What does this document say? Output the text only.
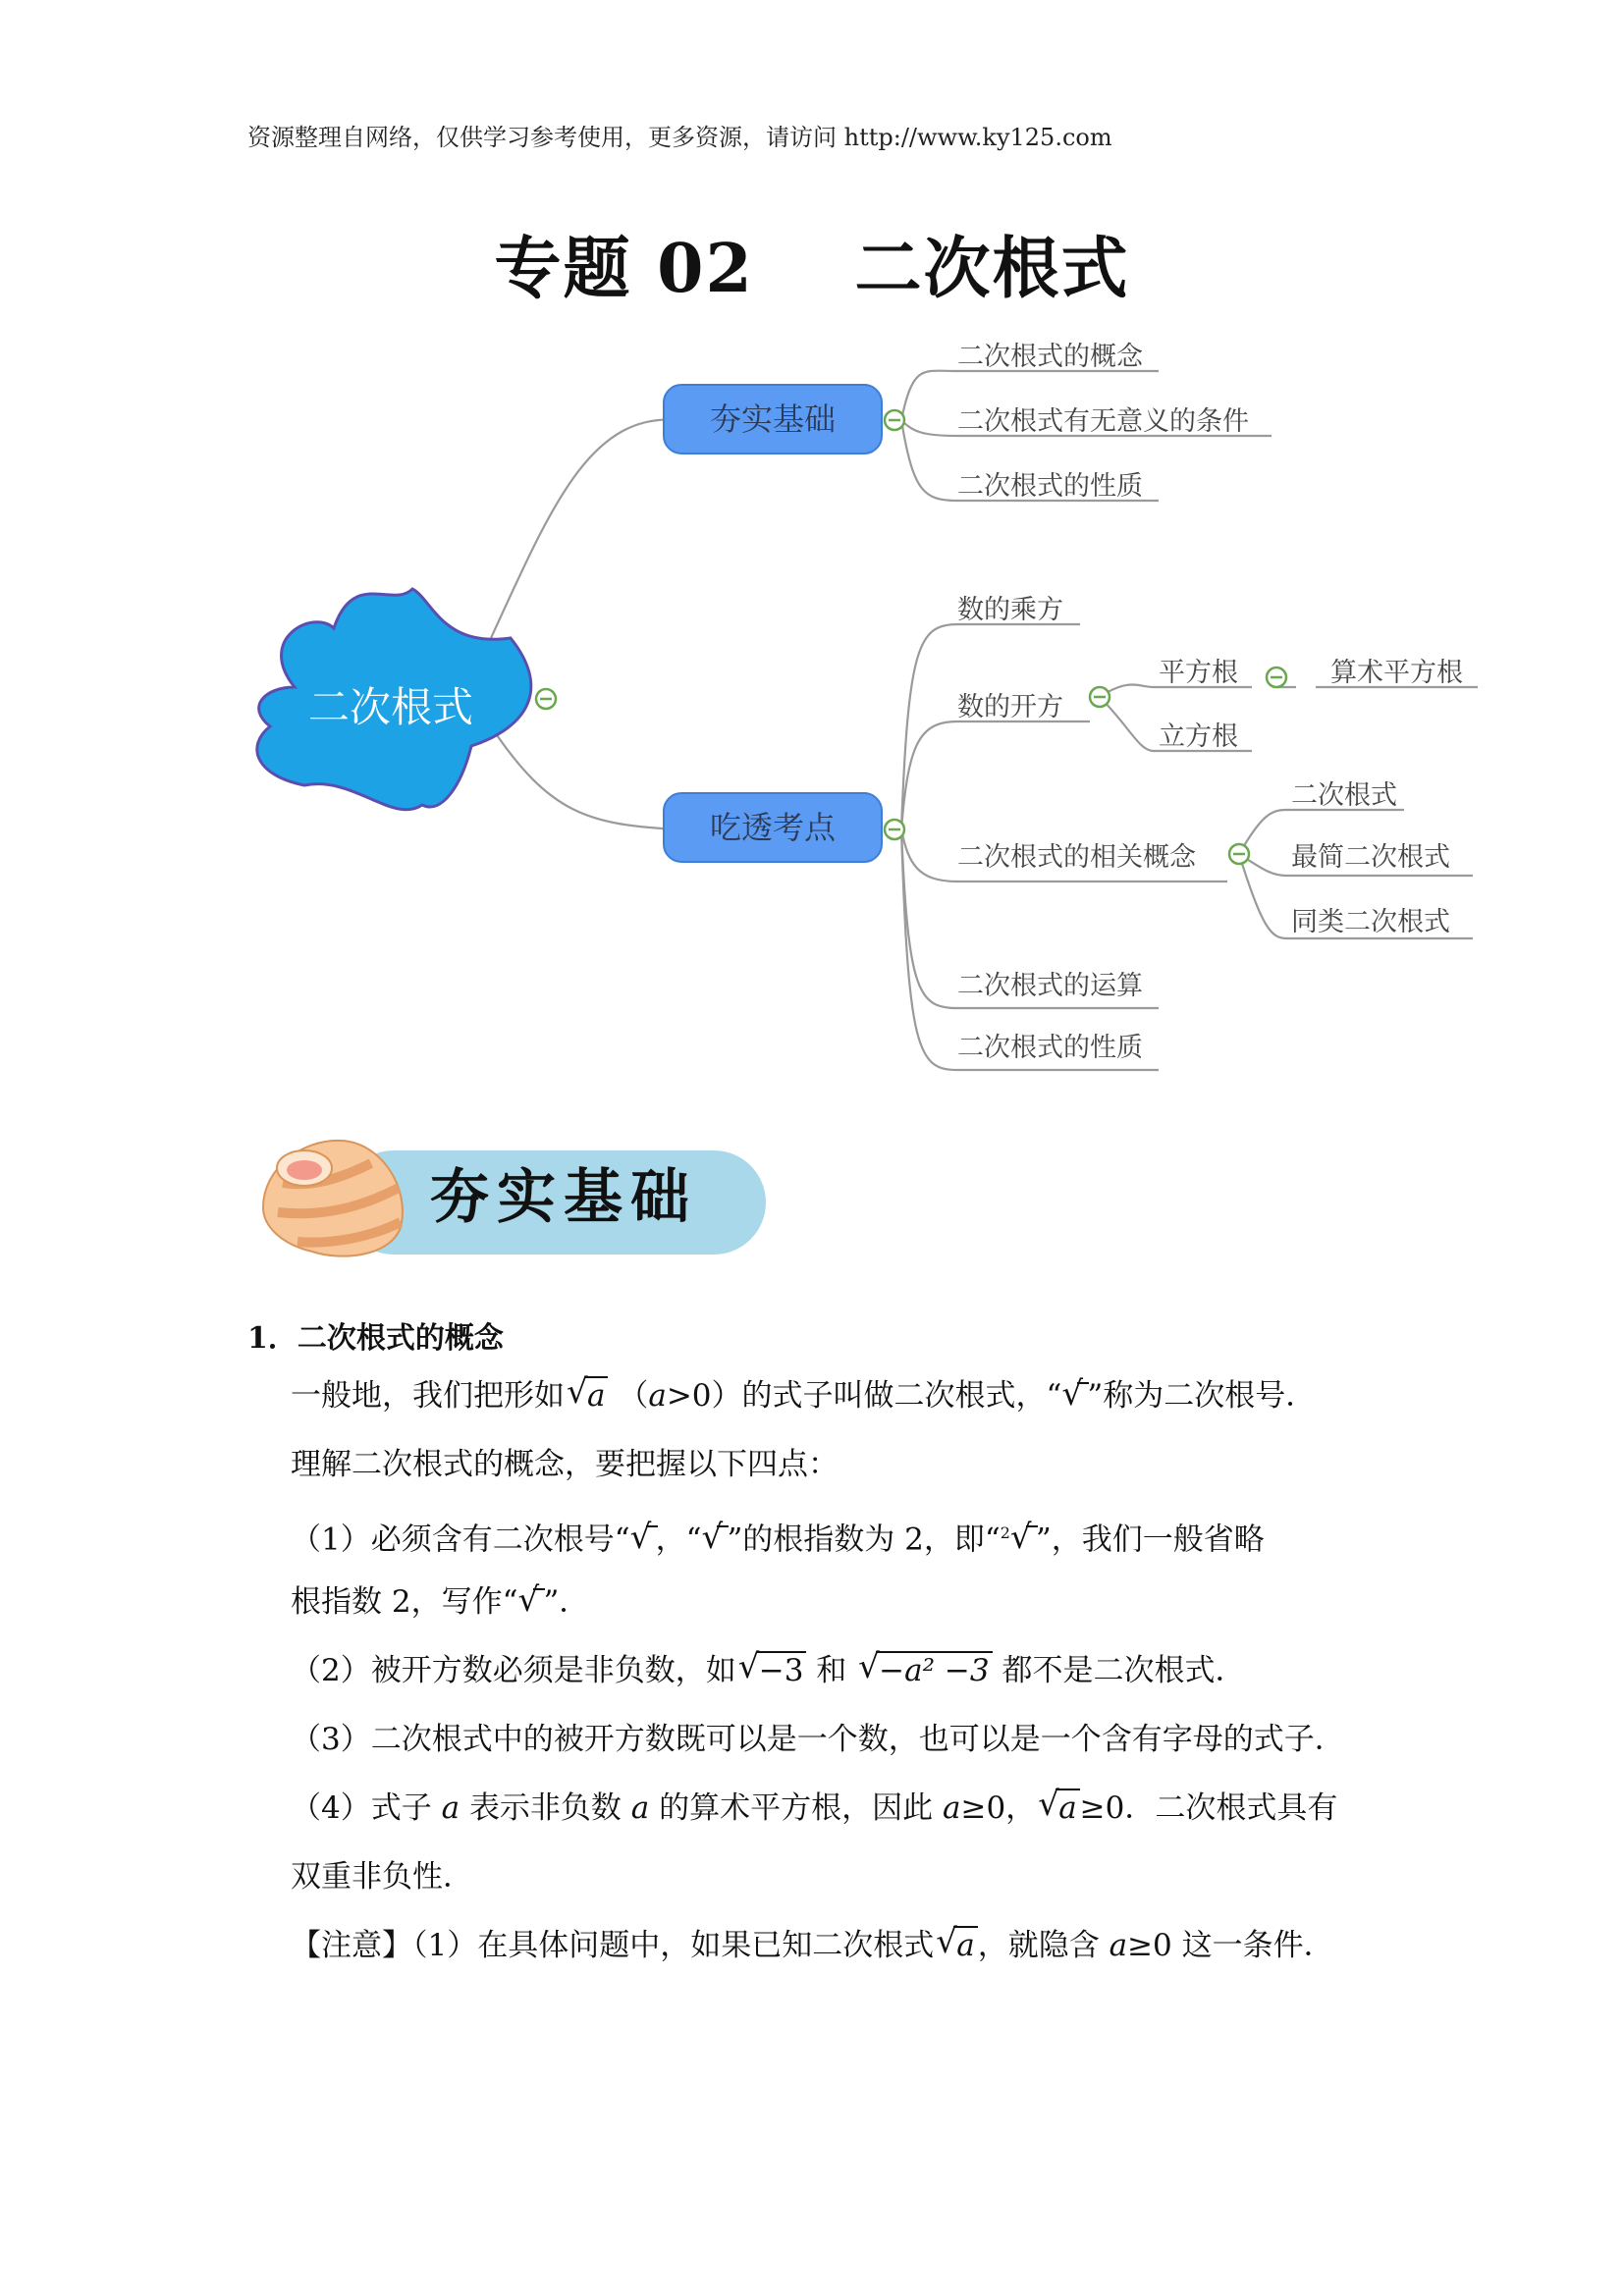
资源整理自网络，仅供学习参考使用，更多资源，请访问 http://www.ky125.com
专题 02    二次根式
二次根式
夯实基础
二次根式的概念
二次根式有无意义的条件
二次根式的性质
吃透考点
数的乘方
数的开方
平方根	算术平方根
立方根
二次根式的相关概念
二次根式
最简二次根式
同类二次根式
二次根式的运算
二次根式的性质
夯实基础
1．二次根式的概念
一般地，我们把形如 √ a （a>0）的式子叫做二次根式，“ √ ”称为二次根号．
理解二次根式的概念，要把握以下四点：
（1）必须含有二次根号“ √ ，“ √ ”的根指数为 2，即“$^2$ √ ”，我们一般省略
根指数 2，写作“ √ ”．
（2）被开方数必须是非负数，如 √ −3 和 √ −a² −3 都不是二次根式．
（3）二次根式中的被开方数既可以是一个数，也可以是一个含有字母的式子．
（4）式子 a 表示非负数 a 的算术平方根，因此 a≥0， √ a≥0．二次根式具有
双重非负性．
【注意】（1）在具体问题中，如果已知二次根式 √ a，就隐含 a≥0 这一条件．
